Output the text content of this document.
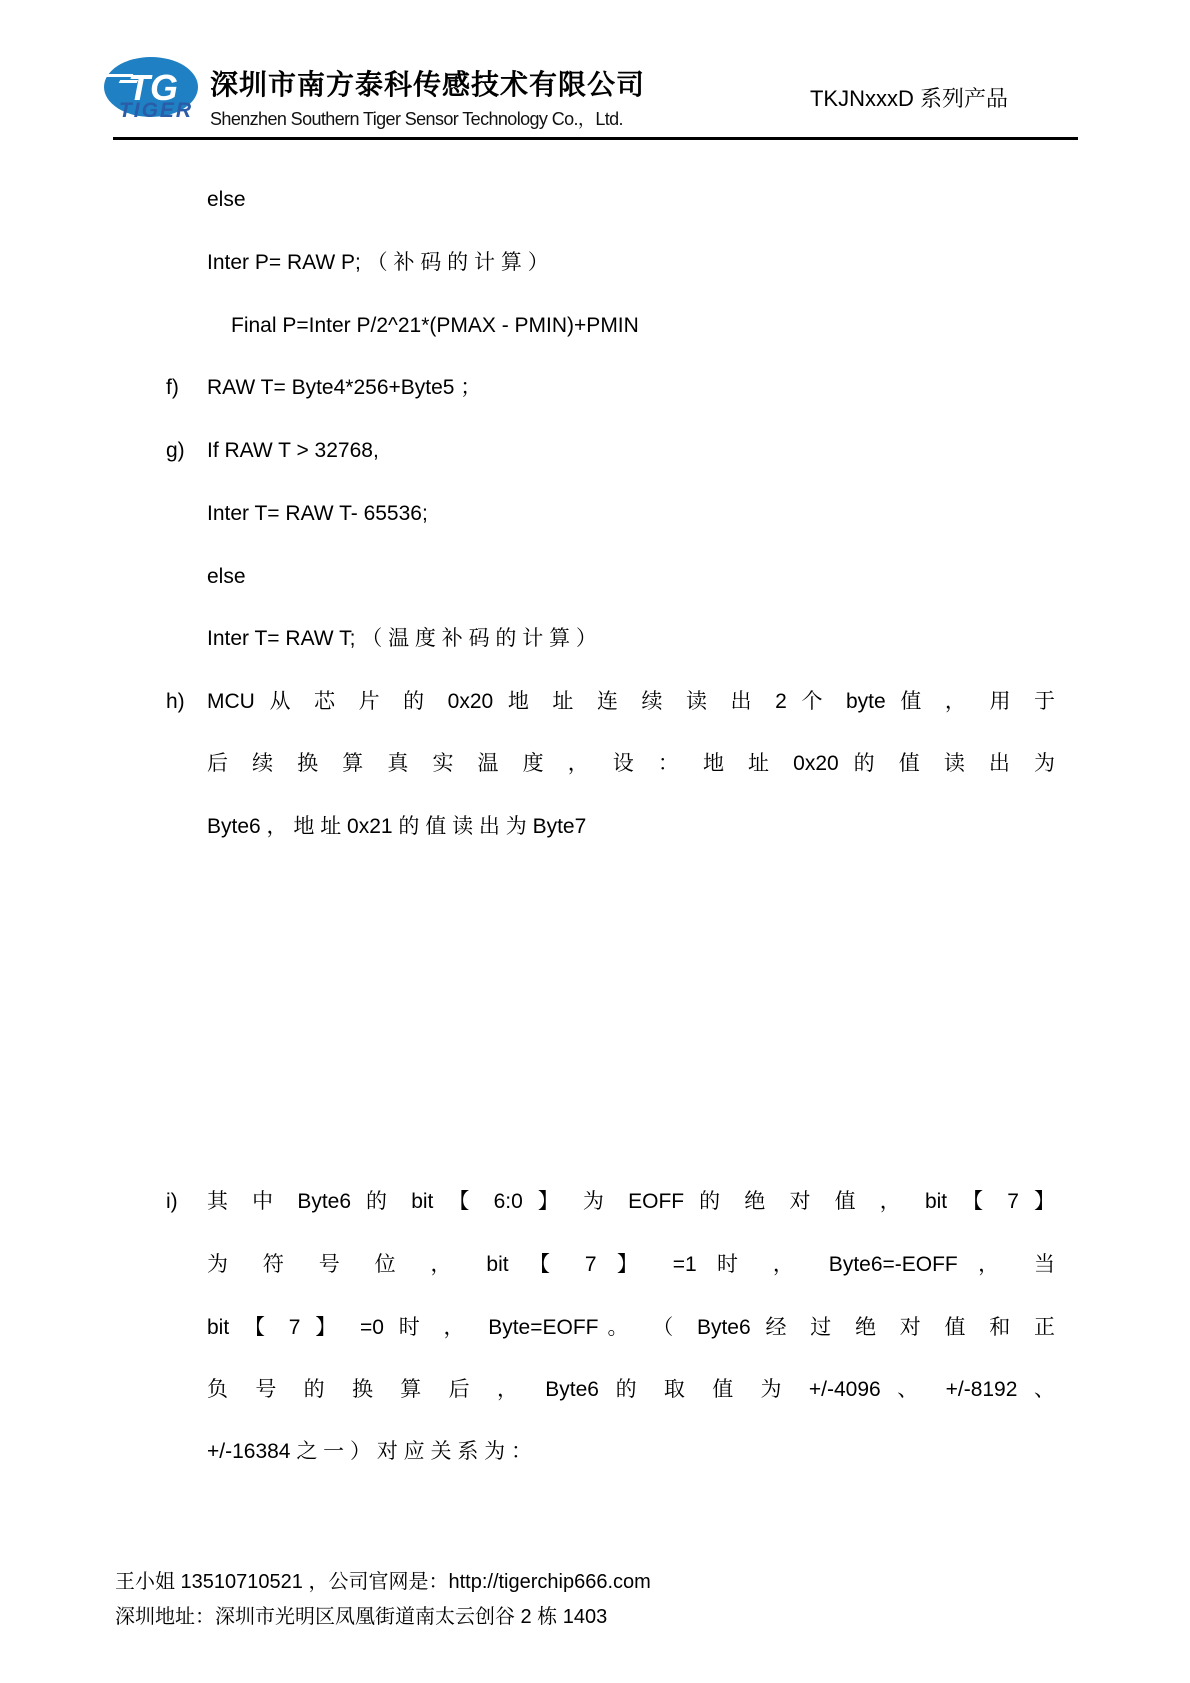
TG
TIGER
深圳市南方泰科传感技术有限公司
Shenzhen Southern Tiger Sensor Technology Co.，Ltd.
TKJNxxxD 系列产品
else
Inter P= RAW P; （ 补 码 的 计 算 ）
Final P=Inter P/2^21*(PMAX - PMIN)+PMIN
f) RAW T= Byte4*256+Byte5 ；
g) If RAW T > 32768,
Inter T= RAW T- 65536;
else
Inter T= RAW T; （ 温 度 补 码 的 计 算 ）
h) MCU 从 芯 片 的 0x20 地 址 连 续 读 出 2 个 byte 值 ， 用 于
后 续 换 算 真 实 温 度 ， 设 ： 地 址 0x20 的 值 读 出 为
Byte6 ， 地 址 0x21 的 值 读 出 为 Byte7
i) 其 中 Byte6 的 bit 【 6:0 】 为 EOFF 的 绝 对 值 ， bit 【 7 】
为 符 号 位 ， bit 【 7 】 =1 时 ， Byte6=-EOFF ， 当
bit 【 7 】 =0 时 ， Byte=EOFF。 （ Byte6 经 过 绝 对 值 和 正
负 号 的 换 算 后 ， Byte6 的 取 值 为 +/-4096 、 +/-8192 、
+/-16384 之 一 ） 对 应 关 系 为 ：
王小姐 13510710521 ，公司官网是：http://tigerchip666.com
深圳地址：深圳市光明区凤凰街道南太云创谷 2 栋 1403
